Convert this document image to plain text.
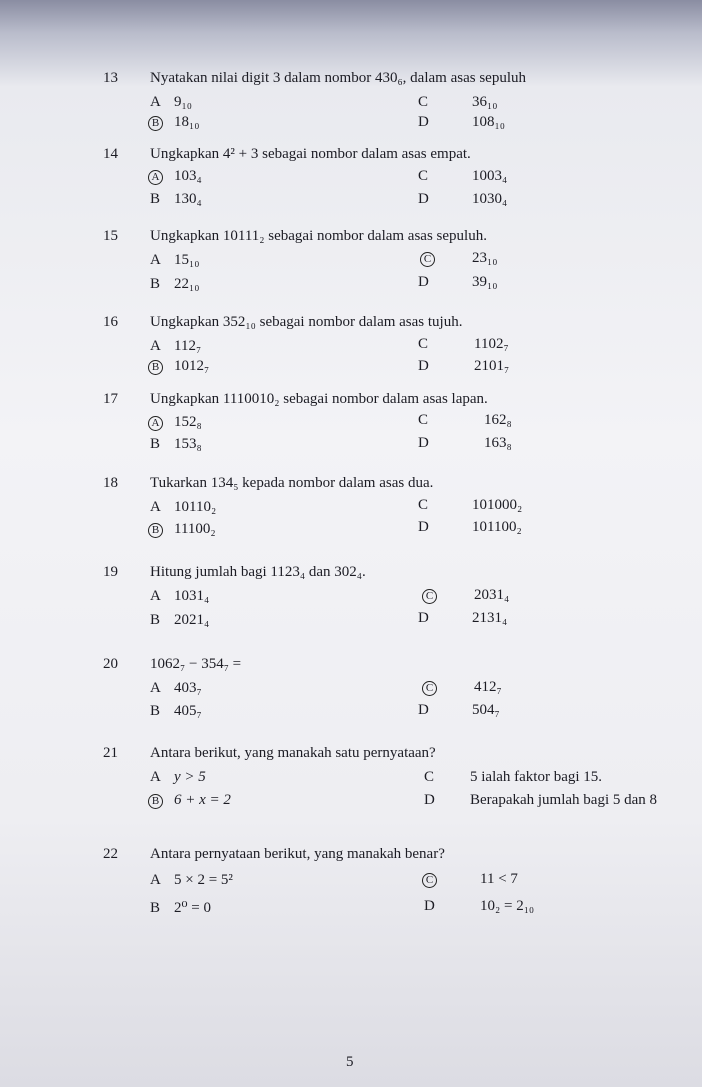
13 Nyatakan nilai digit 3 dalam nombor 430₆, dalam asas sepuluh
A 9₁₀
B 18₁₀
C	36₁₀
D	108₁₀
14 Ungkapkan 4² + 3 sebagai nombor dalam asas empat.
A 103₄
B 130₄
C	1003₄
D	1030₄
15 Ungkapkan 10111₂ sebagai nombor dalam asas sepuluh.
A 15₁₀
B 22₁₀
C	23₁₀
D	39₁₀
16 Ungkapkan 352₁₀ sebagai nombor dalam asas tujuh.
A 112₇
B 1012₇
C	1102₇
D	2101₇
17 Ungkapkan 1110010₂ sebagai nombor dalam asas lapan.
A 152₈
B 153₈
C	162₈
D	163₈
18 Tukarkan 134₅ kepada nombor dalam asas dua.
A 10110₂
B 11100₂
C	101000₂
D	101100₂
19 Hitung jumlah bagi 1123₄ dan 302₄.
A 1031₄
B 2021₄
C	2031₄
D	2131₄
20 1062₇ − 354₇ =
A 403₇
B 405₇
C	412₇
D	504₇
21 Antara berikut, yang manakah satu pernyataan?
A y > 5
B 6 + x = 2
C 5 ialah faktor bagi 15.
D Berapakah jumlah bagi 5 dan 8
22 Antara pernyataan berikut, yang manakah benar?
A 5 × 2 = 5²
B 2⁰ = 0
C	11 < 7
D	10₂ = 2₁₀
5
